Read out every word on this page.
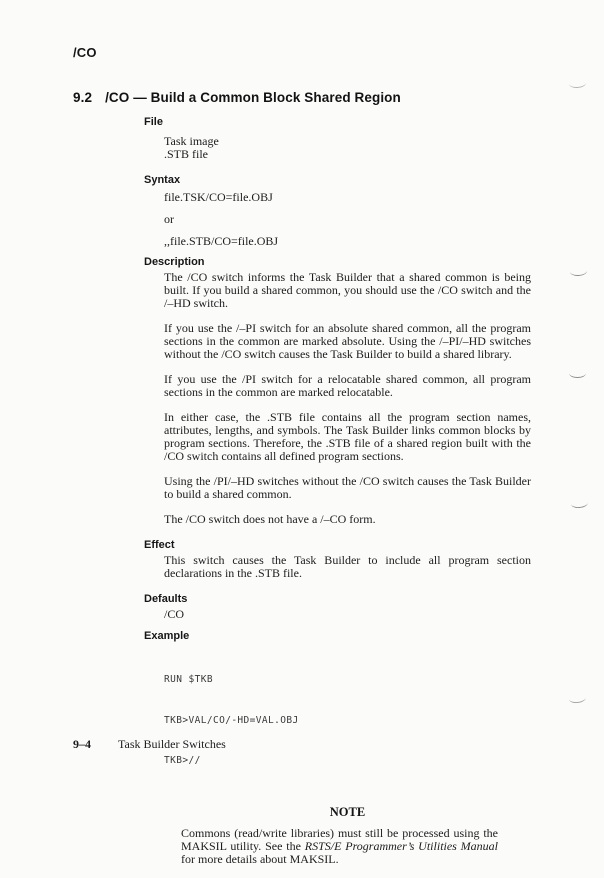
/CO
9.2 /CO — Build a Common Block Shared Region
File
Task image
.STB file
Syntax
file.TSK/CO=file.OBJ
or
,,file.STB/CO=file.OBJ
Description

The /CO switch informs the Task Builder that a shared common is being built. If you build a shared common, you should use the /CO switch and the /–HD switch.

If you use the /–PI switch for an absolute shared common, all the program sections in the common are marked absolute. Using the /–PI/–HD switches without the /CO switch causes the Task Builder to build a shared library.

If you use the /PI switch for a relocatable shared common, all program sections in the common are marked relocatable.

In either case, the .STB file contains all the program section names, attributes, lengths, and symbols. The Task Builder links common blocks by program sections. Therefore, the .STB file of a shared region built with the /CO switch contains all defined program sections.

Using the /PI/–HD switches without the /CO switch causes the Task Builder to build a shared common.

The /CO switch does not have a /–CO form.

Effect

This switch causes the Task Builder to include all program section declarations in the .STB file.

Defaults
/CO
Example

RUN $TKB

TKB>VAL/CO/-HD=VAL.OBJ

TKB>//

NOTE

Commons (read/write libraries) must still be processed using the MAKSIL utility. See the RSTS/E Programmer’s Utilities Manual for more details about MAKSIL.

9–4 Task Builder Switches
